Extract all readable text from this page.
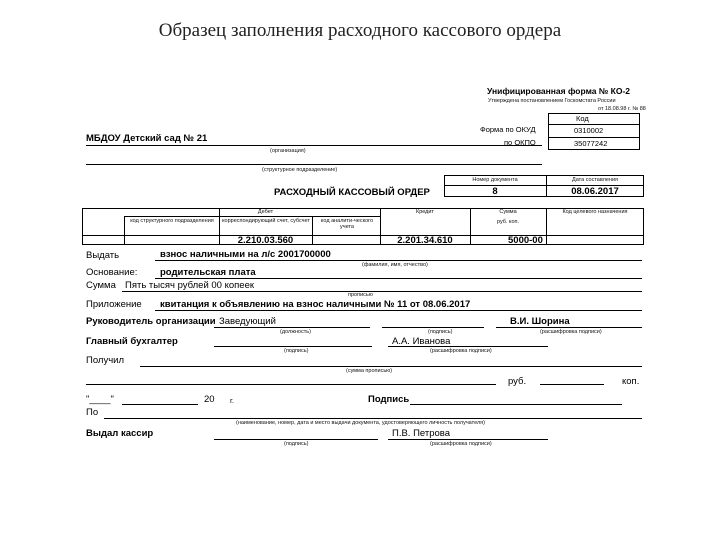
Образец заполнения расходного кассового ордера
Унифицированная форма № КО-2
Утверждена постановлением Госкомстата России
от 18.08.98 г. № 88
Код
Форма по ОКУД	0310002
по ОКПО	35077242
МБДОУ Детский сад № 21
(организация)
(структурное подразделение)
РАСХОДНЫЙ КАССОВЫЙ ОРДЕР
Номер документа	Дата составления
8	08.06.2017
Дебет	Кредит	Сумма
руб. коп.
Код целевого назначения
код структурного подразделения	корреспондирующий счет, субсчет	код аналити-ческого учета
2.210.03.560	2.201.34.610	5000-00
Выдать	взнос наличными на л/с 2001700000
(фамилия, имя, отчество)
Основание: родительская плата
Сумма Пять тысяч рублей 00 копеек
прописью
Приложение квитанция к объявлению на взнос наличными № 11 от 08.06.2017
Руководитель организации Заведующий	В.И. Шорина
(должность)	(подпись)	(расшифровка подписи)
Главный бухгалтер	А.А. Иванова
(подпись)	(расшифровка подписи)
Получил
(сумма прописью)
руб.	коп.
"____"	20 г.	Подпись
По
(наименование, номер, дата и место выдачи документа, удостоверяющего личность получателя)
Выдал кассир	П.В. Петрова
(подпись)	(расшифровка подписи)
